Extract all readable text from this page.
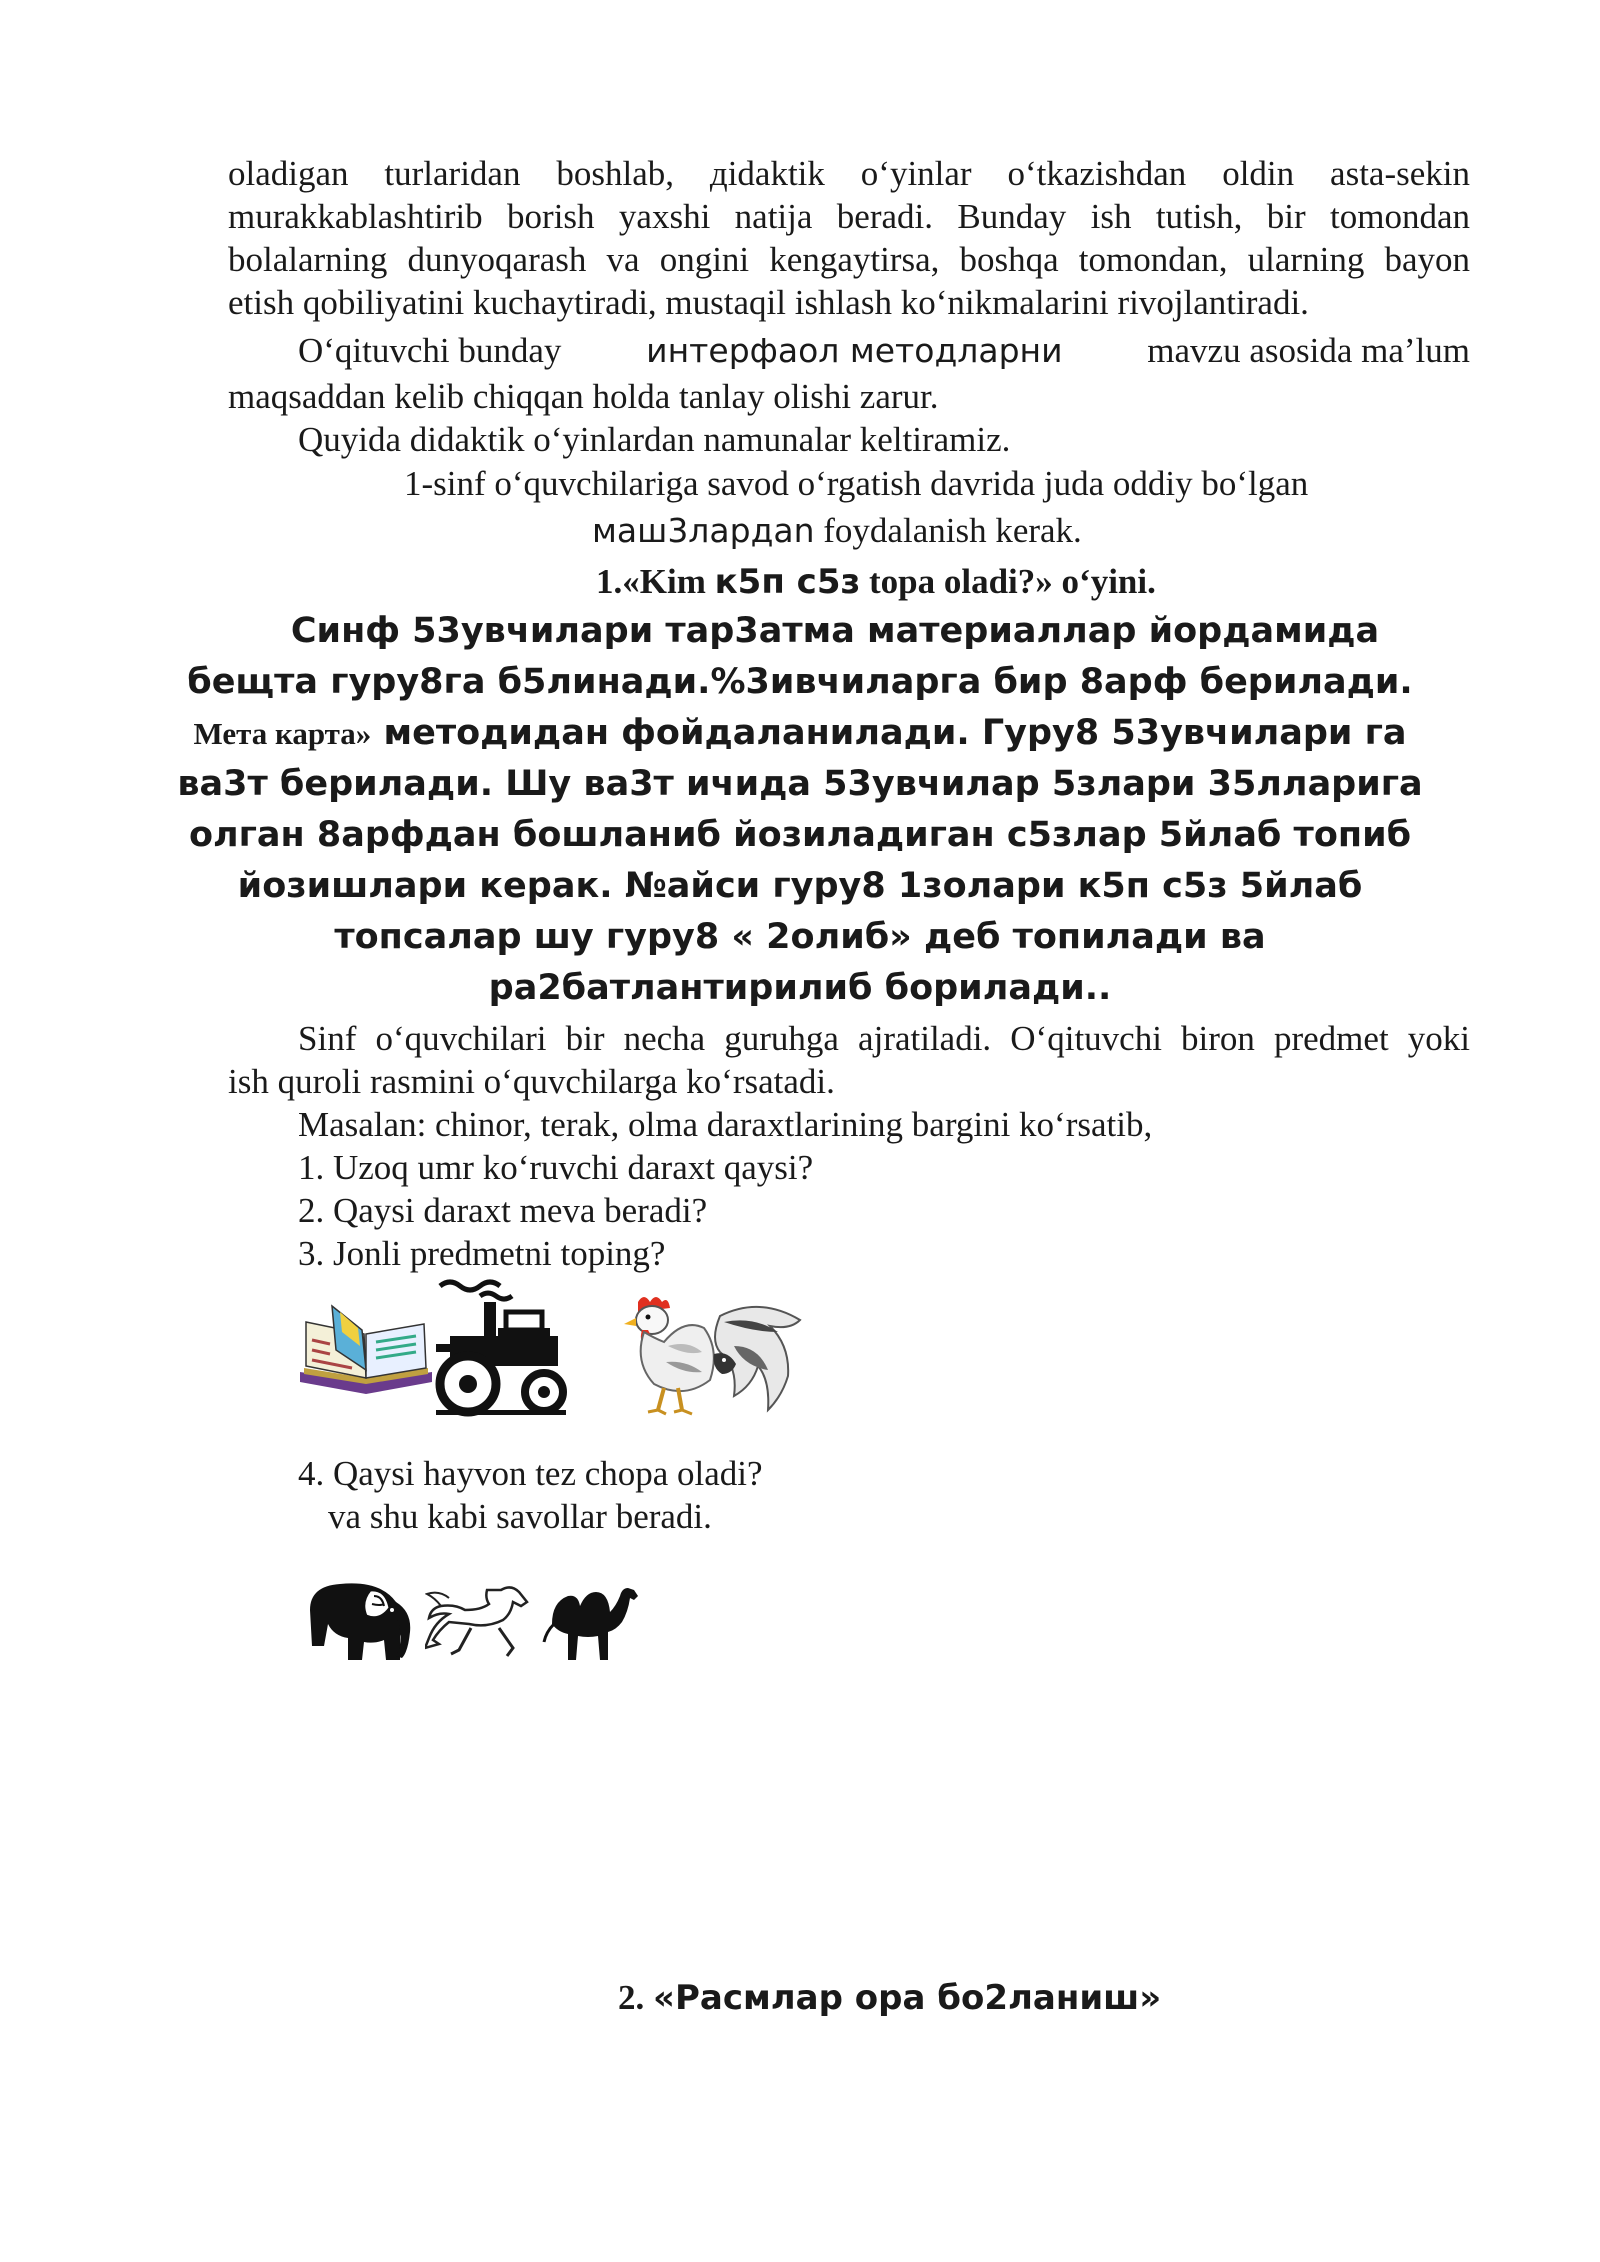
oladigan turlaridan boshlab, дidaktik o‘yinlar o‘tkazishdan oldin asta-sekin
murakkablashtirib borish yaxshi natija beradi. Bunday ish tutish, bir tomondan
bolalarning dunyoqarash va ongini kengaytirsa, boshqa tomondan, ularning bayon
etish qobiliyatini kuchaytiradi, mustaqil ishlash ko‘nikmalarini rivojlantiradi.
O‘qituvchi bunday	интерфаол методларни mavzu asosida ma’lum
maqsaddan kelib chiqqan holda tanlay olishi zarur.
Quyida didaktik o‘yinlardan namunalar keltiramiz.
1-sinf o‘quvchilariga savod o‘rgatish davrida juda oddiy bo‘lgan
маш3лардan foydalanish kerak.
1.«Kim к5п с5з topa oladi?» o‘yini.
Синф 53увчилари тар3атма материаллар йордамида
бещта гуру8га б5линади.%3ивчиларга бир 8арф берилади.
Мета карта» методидан фойдаланилади. Гуру8 53увчилари га
ва3т берилади. Шу ва3т ичида 53увчилар 5злари 35лларига
олган 8арфдан бошланиб йозиладиган с5злар 5йлаб топиб
йозишлари керак. №айси гуру8 1золари к5п с5з 5йлаб
топсалар шу гуру8 « 2олиб» деб топилади ва
ра2батлантирилиб борилади..
Sinf o‘quvchilari bir necha guruhga ajratiladi. O‘qituvchi biron predmet yoki
ish quroli rasmini o‘quvchilarga ko‘rsatadi.
Masalan: chinor, terak, olma daraxtlarining bargini ko‘rsatib,
1. Uzoq umr ko‘ruvchi daraxt qaysi?
2. Qaysi daraxt meva beradi?
3. Jonli predmetni toping?
4. Qaysi hayvon tez chopa oladi?
va shu kabi savollar beradi.
2. «Расмлар ора бо2ланиш»
